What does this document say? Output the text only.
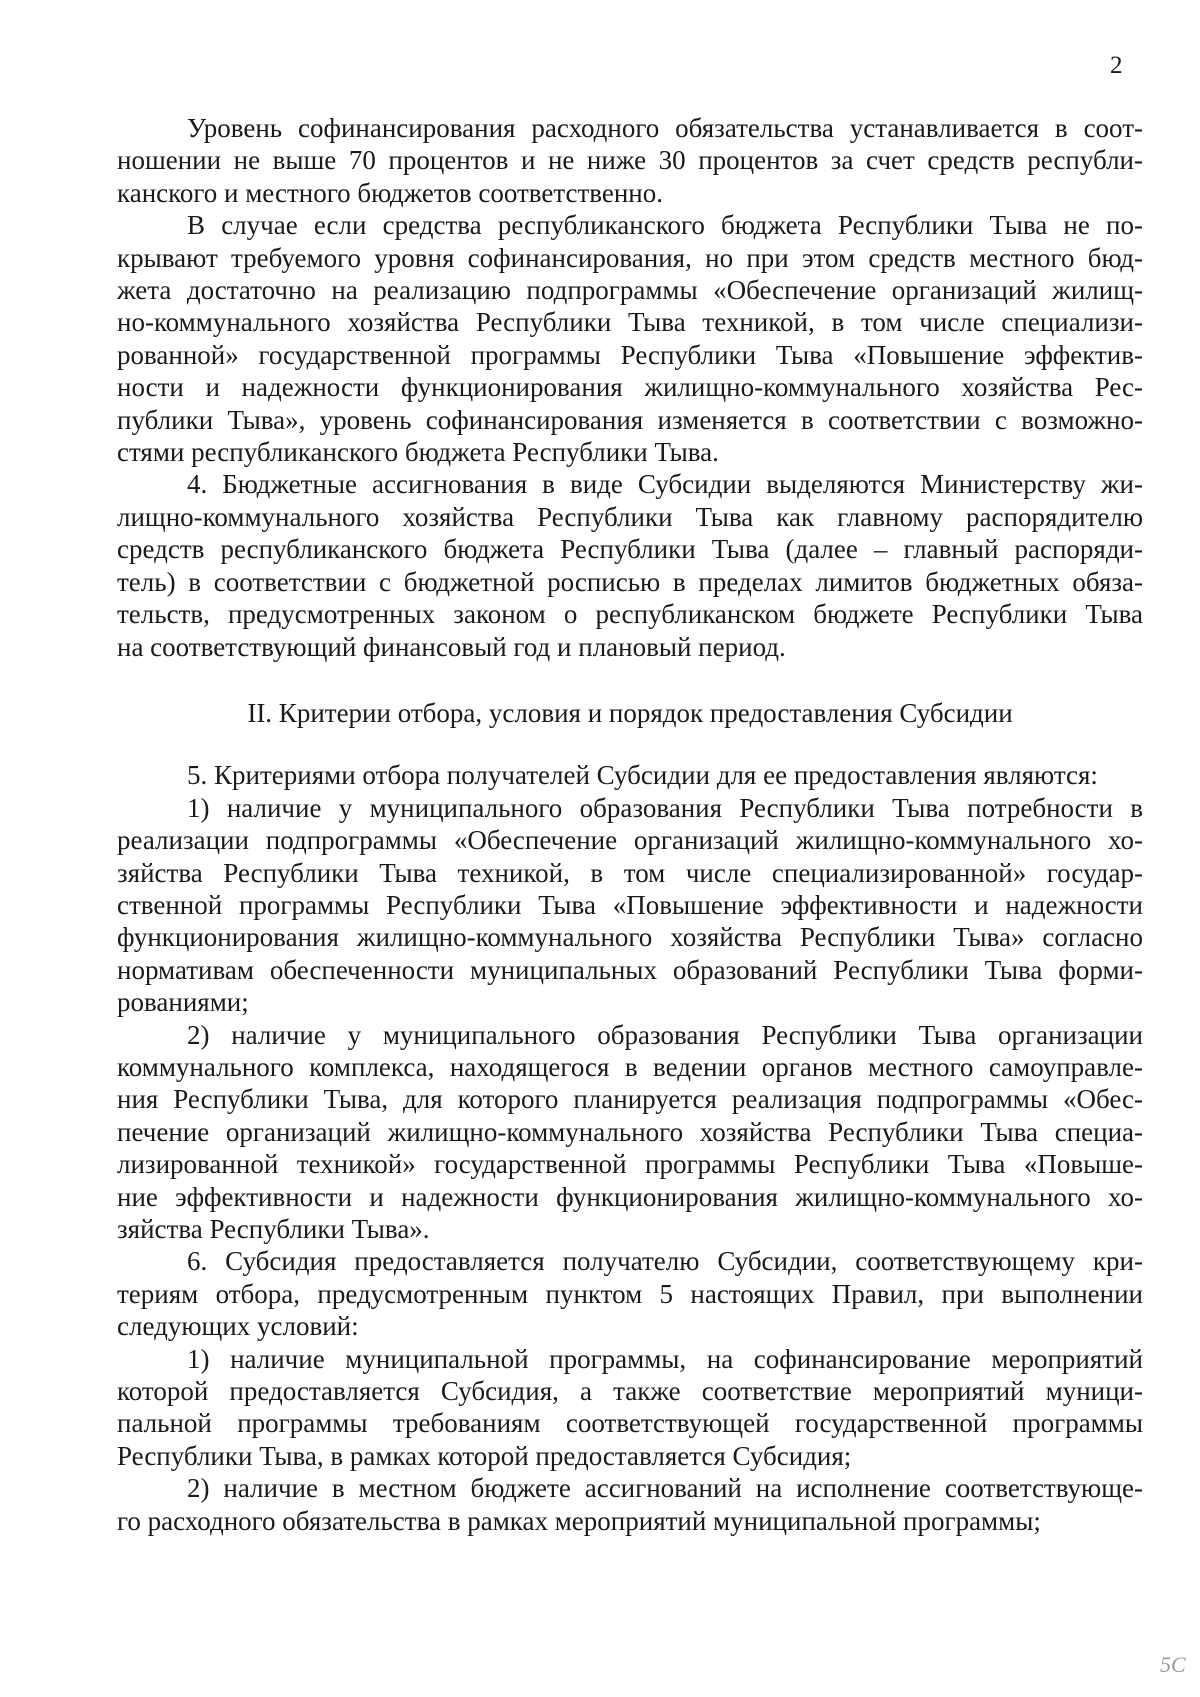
2
Уровень софинансирования расходного обязательства устанавливается в соот-
ношении не выше 70 процентов и не ниже 30 процентов за счет средств республи-
канского и местного бюджетов соответственно.
В случае если средства республиканского бюджета Республики Тыва не по-
крывают требуемого уровня софинансирования, но при этом средств местного бюд-
жета достаточно на реализацию подпрограммы «Обеспечение организаций жилищ-
но-коммунального хозяйства Республики Тыва техникой, в том числе специализи-
рованной» государственной программы Республики Тыва «Повышение эффектив-
ности и надежности функционирования жилищно-коммунального хозяйства Рес-
публики Тыва», уровень софинансирования изменяется в соответствии с возможно-
стями республиканского бюджета Республики Тыва.
4. Бюджетные ассигнования в виде Субсидии выделяются Министерству жи-
лищно-коммунального хозяйства Республики Тыва как главному распорядителю
средств республиканского бюджета Республики Тыва (далее – главный распоряди-
тель) в соответствии с бюджетной росписью в пределах лимитов бюджетных обяза-
тельств, предусмотренных законом о республиканском бюджете Республики Тыва
на соответствующий финансовый год и плановый период.
II. Критерии отбора, условия и порядок предоставления Субсидии
5. Критериями отбора получателей Субсидии для ее предоставления являются:
1) наличие у муниципального образования Республики Тыва потребности в
реализации подпрограммы «Обеспечение организаций жилищно-коммунального хо-
зяйства Республики Тыва техникой, в том числе специализированной» государ-
ственной программы Республики Тыва «Повышение эффективности и надежности
функционирования жилищно-коммунального хозяйства Республики Тыва» согласно
нормативам обеспеченности муниципальных образований Республики Тыва форми-
рованиями;
2) наличие у муниципального образования Республики Тыва организации
коммунального комплекса, находящегося в ведении органов местного самоуправле-
ния Республики Тыва, для которого планируется реализация подпрограммы «Обес-
печение организаций жилищно-коммунального хозяйства Республики Тыва специа-
лизированной техникой» государственной программы Республики Тыва «Повыше-
ние эффективности и надежности функционирования жилищно-коммунального хо-
зяйства Республики Тыва».
6. Субсидия предоставляется получателю Субсидии, соответствующему кри-
териям отбора, предусмотренным пунктом 5 настоящих Правил, при выполнении
следующих условий:
1) наличие муниципальной программы, на софинансирование мероприятий
которой предоставляется Субсидия, а также соответствие мероприятий муници-
пальной программы требованиям соответствующей государственной программы
Республики Тыва, в рамках которой предоставляется Субсидия;
2) наличие в местном бюджете ассигнований на исполнение соответствующе-
го расходного обязательства в рамках мероприятий муниципальной программы;
5С
